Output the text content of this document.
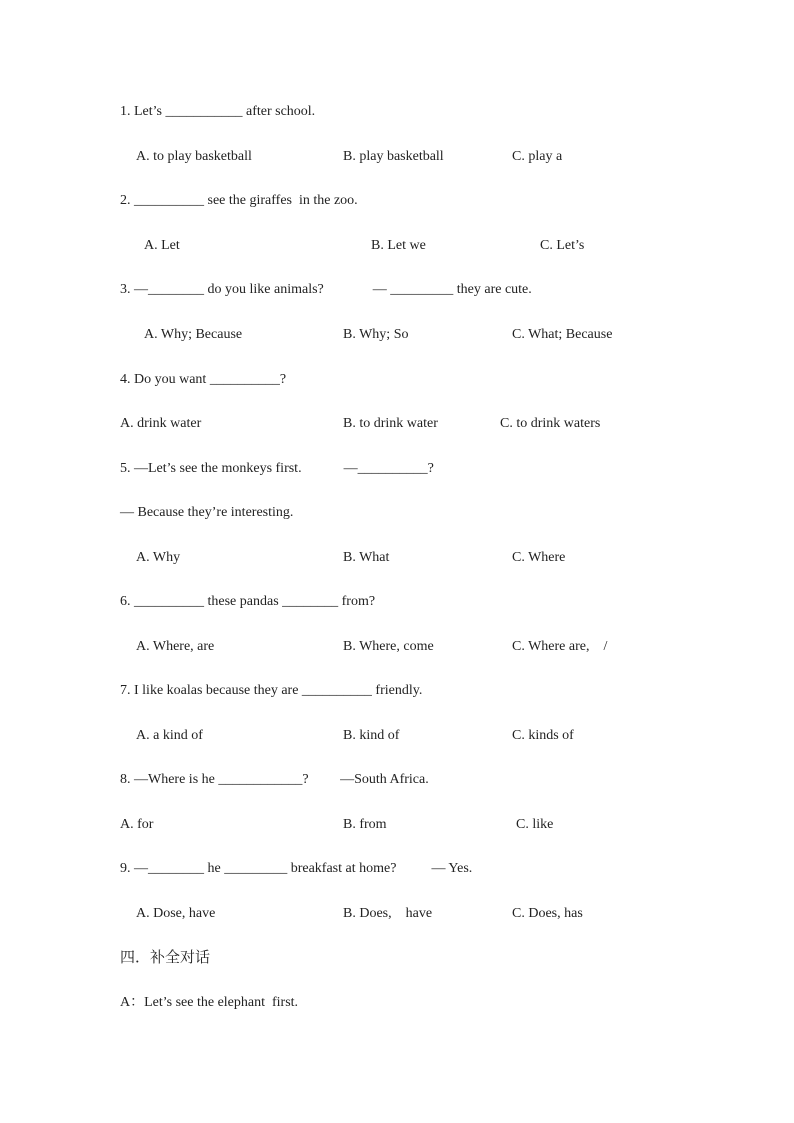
1. Let’s ___________ after school.
A. to play basketball	B. play basketball	C. play a
2. __________ see the giraffes  in the zoo.
A. Let	B. Let we	C. Let’s
3. —________ do you like animals?              — _________ they are cute.
A. Why; Because	B. Why; So	C. What; Because
4. Do you want __________?
A. drink water	B. to drink water	C. to drink waters
5. —Let’s see the monkeys first.            —__________?
— Because they’re interesting.
A. Why	B. What	C. Where
6. __________ these pandas ________ from?
A. Where, are	B. Where, come	C. Where are,    /
7. I like koalas because they are __________ friendly.
A. a kind of	B. kind of	C. kinds of
8. —Where is he ____________?         —South Africa.
A. for	B. from	C. like
9. —________ he _________ breakfast at home?          — Yes.
A. Dose, have	B. Does,    have	C. Does, has
四．补全对话
A：Let’s see the elephant  first.
